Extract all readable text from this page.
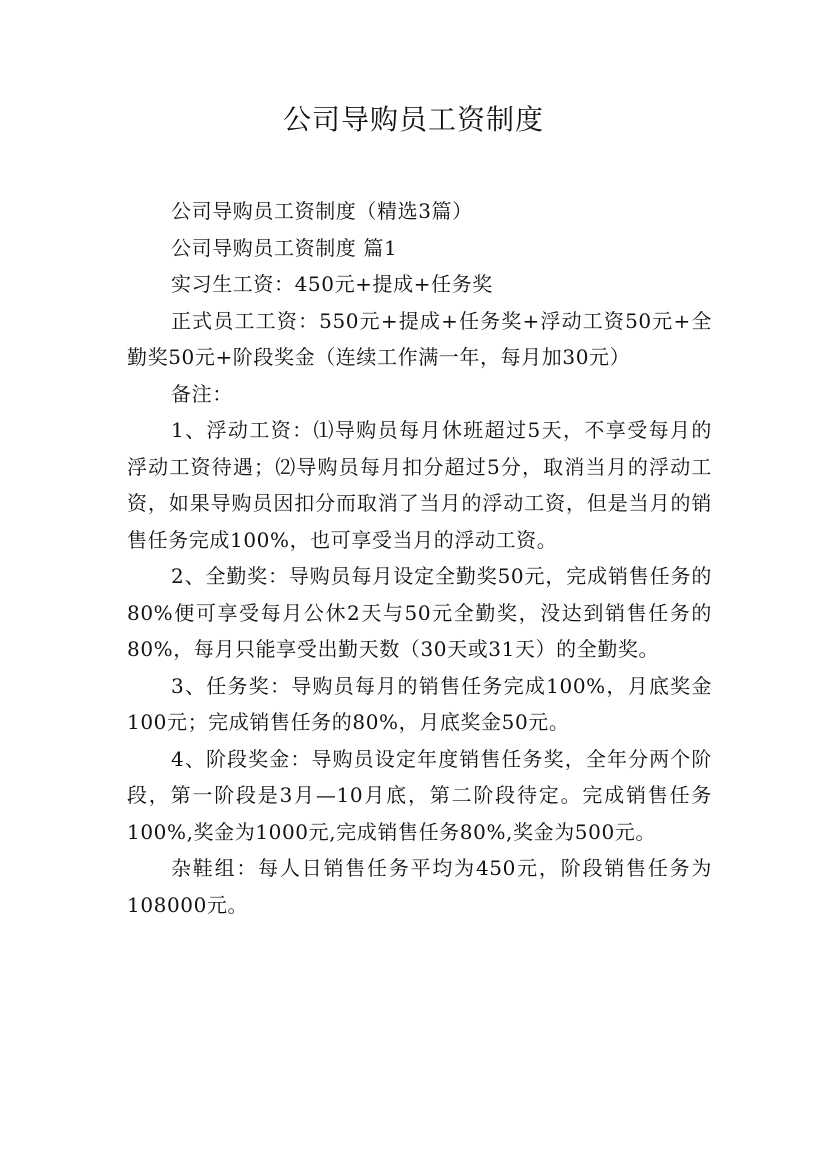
公司导购员工资制度

公司导购员工资制度（精选3篇）

公司导购员工资制度 篇1

实习生工资：450元+提成+任务奖

正式员工工资：550元+提成+任务奖+浮动工资50元+全勤奖50元+阶段奖金（连续工作满一年，每月加30元）

备注：

1、浮动工资：⑴导购员每月休班超过5天，不享受每月的浮动工资待遇；⑵导购员每月扣分超过5分，取消当月的浮动工资，如果导购员因扣分而取消了当月的浮动工资，但是当月的销售任务完成100%，也可享受当月的浮动工资。

2、全勤奖：导购员每月设定全勤奖50元，完成销售任务的80%便可享受每月公休2天与50元全勤奖，没达到销售任务的80%，每月只能享受出勤天数（30天或31天）的全勤奖。

3、任务奖：导购员每月的销售任务完成100%，月底奖金100元；完成销售任务的80%，月底奖金50元。

4、阶段奖金：导购员设定年度销售任务奖，全年分两个阶段，第一阶段是3月—10月底，第二阶段待定。完成销售任务100%,奖金为1000元,完成销售任务80%,奖金为500元。

杂鞋组：每人日销售任务平均为450元，阶段销售任务为108000元。
